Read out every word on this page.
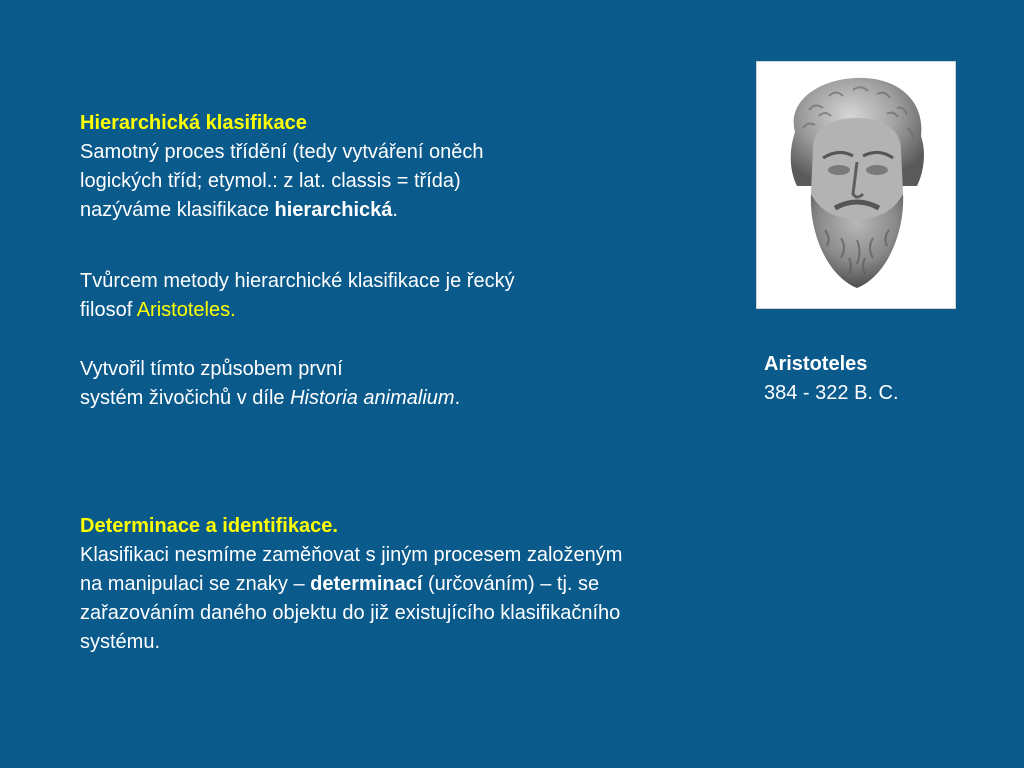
Hierarchická klasifikace
Samotný proces třídění (tedy vytváření oněch
logických tříd; etymol.: z lat. classis = třída)
nazýváme klasifikace hierarchická.
Tvůrcem metody hierarchické klasifikace je řecký
filosof Aristoteles.
Vytvořil tímto způsobem první
systém živočichů v díle Historia animalium.
Determinace a identifikace.
Klasifikaci nesmíme zaměňovat s jiným procesem založeným
na manipulaci se znaky – determinací (určováním) – tj. se
zařazováním daného objektu do již existujícího klasifikačního
systému.
Aristoteles
384 - 322 B. C.
